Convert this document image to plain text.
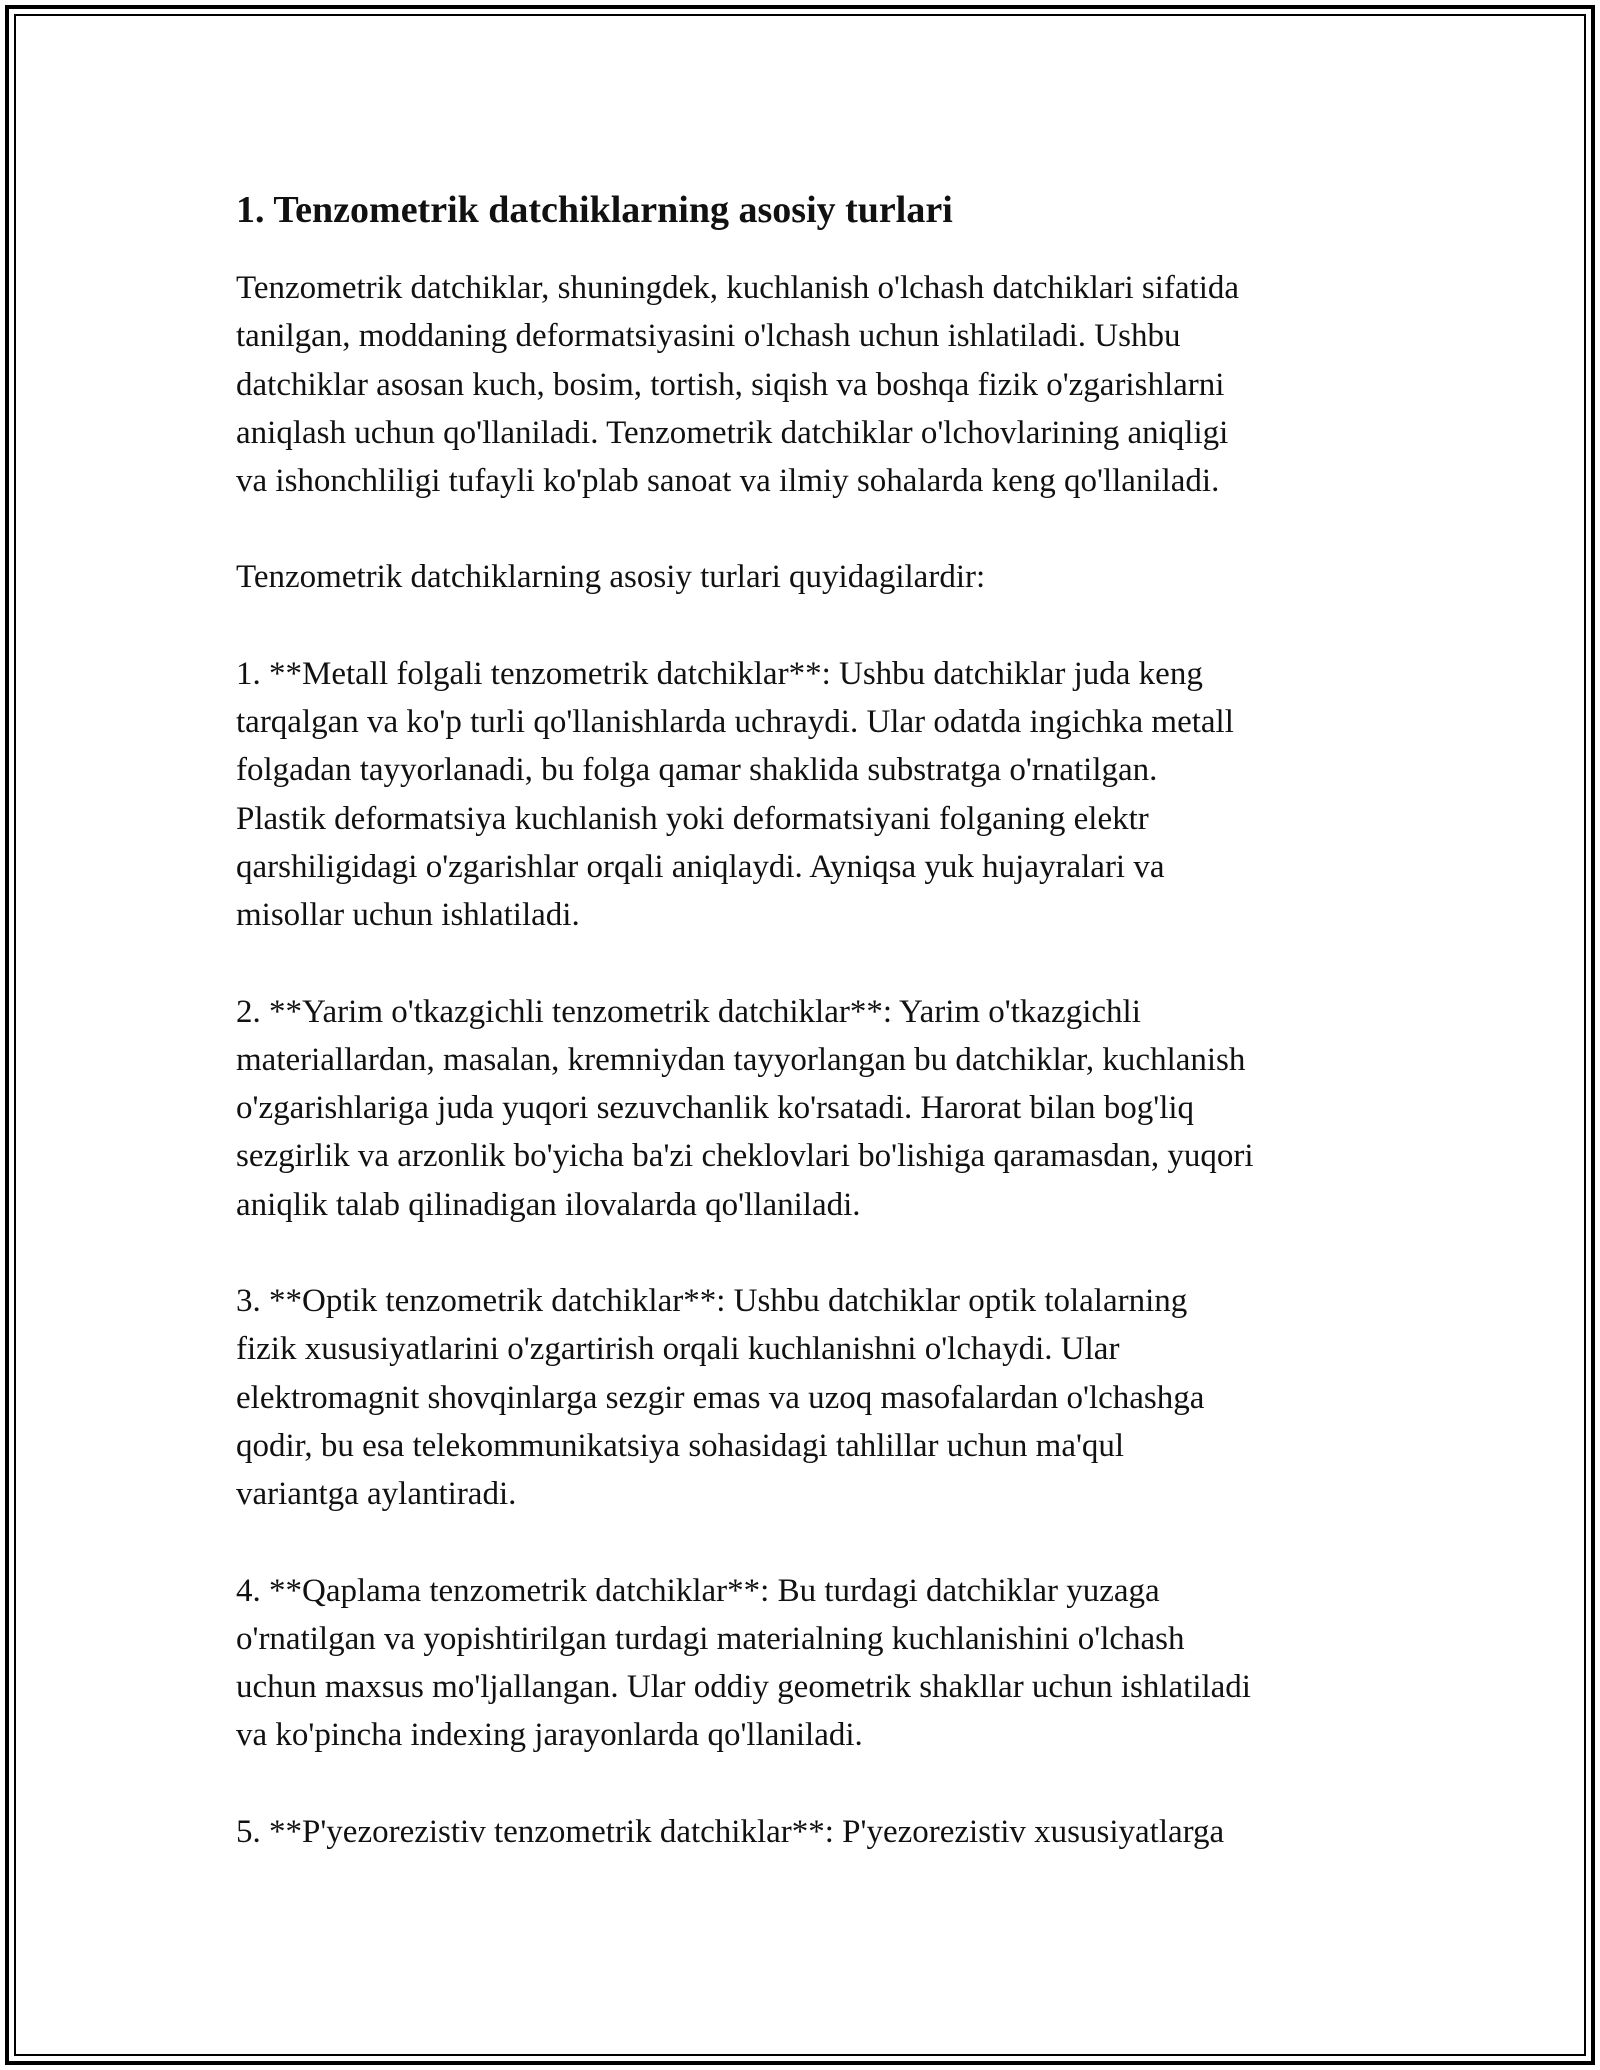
1. Tenzometrik datchiklarning asosiy turlari

Tenzometrik datchiklar, shuningdek, kuchlanish o'lchash datchiklari sifatida
tanilgan, moddaning deformatsiyasini o'lchash uchun ishlatiladi. Ushbu
datchiklar asosan kuch, bosim, tortish, siqish va boshqa fizik o'zgarishlarni
aniqlash uchun qo'llaniladi. Tenzometrik datchiklar o'lchovlarining aniqligi
va ishonchliligi tufayli ko'plab sanoat va ilmiy sohalarda keng qo'llaniladi.

Tenzometrik datchiklarning asosiy turlari quyidagilardir:

1. **Metall folgali tenzometrik datchiklar**: Ushbu datchiklar juda keng
tarqalgan va ko'p turli qo'llanishlarda uchraydi. Ular odatda ingichka metall
folgadan tayyorlanadi, bu folga qamar shaklida substratga o'rnatilgan.
Plastik deformatsiya kuchlanish yoki deformatsiyani folganing elektr
qarshiligidagi o'zgarishlar orqali aniqlaydi. Ayniqsa yuk hujayralari va
misollar uchun ishlatiladi.

2. **Yarim o'tkazgichli tenzometrik datchiklar**: Yarim o'tkazgichli
materiallardan, masalan, kremniydan tayyorlangan bu datchiklar, kuchlanish
o'zgarishlariga juda yuqori sezuvchanlik ko'rsatadi. Harorat bilan bog'liq
sezgirlik va arzonlik bo'yicha ba'zi cheklovlari bo'lishiga qaramasdan, yuqori
aniqlik talab qilinadigan ilovalarda qo'llaniladi.

3. **Optik tenzometrik datchiklar**: Ushbu datchiklar optik tolalarning
fizik xususiyatlarini o'zgartirish orqali kuchlanishni o'lchaydi. Ular
elektromagnit shovqinlarga sezgir emas va uzoq masofalardan o'lchashga
qodir, bu esa telekommunikatsiya sohasidagi tahlillar uchun ma'qul
variantga aylantiradi.

4. **Qaplama tenzometrik datchiklar**: Bu turdagi datchiklar yuzaga
o'rnatilgan va yopishtirilgan turdagi materialning kuchlanishini o'lchash
uchun maxsus mo'ljallangan. Ular oddiy geometrik shakllar uchun ishlatiladi
va ko'pincha indexing jarayonlarda qo'llaniladi.

5. **P'yezorezistiv tenzometrik datchiklar**: P'yezorezistiv xususiyatlarga
